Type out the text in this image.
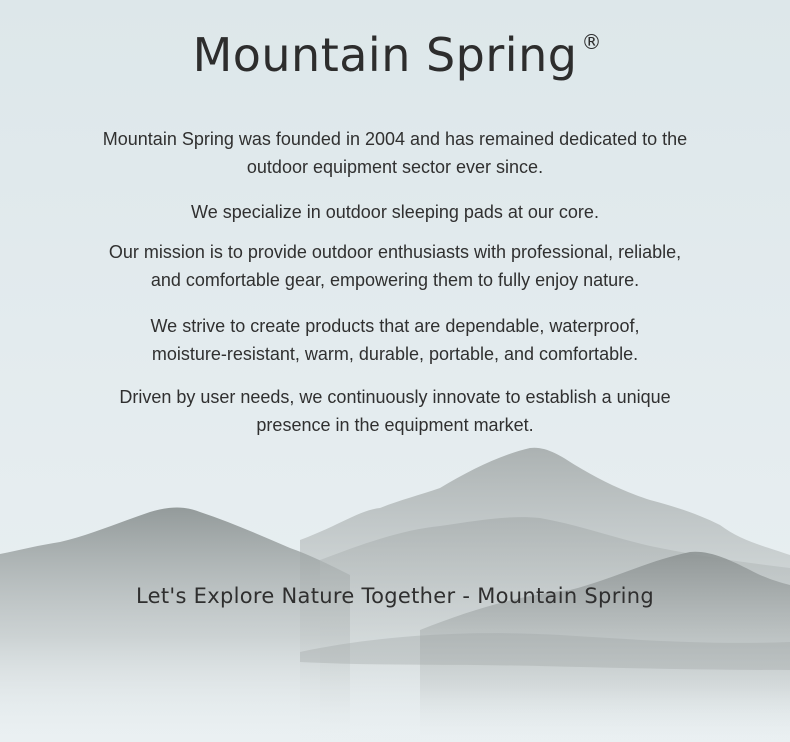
Mountain Spring ®
Mountain Spring was founded in 2004 and has remained dedicated to the
outdoor equipment sector ever since.
We specialize in outdoor sleeping pads at our core.
Our mission is to provide outdoor enthusiasts with professional, reliable,
and comfortable gear, empowering them to fully enjoy nature.
We strive to create products that are dependable, waterproof,
moisture-resistant, warm, durable, portable, and comfortable.
Driven by user needs, we continuously innovate to establish a unique
presence in the equipment market.
Let's Explore Nature Together - Mountain Spring
